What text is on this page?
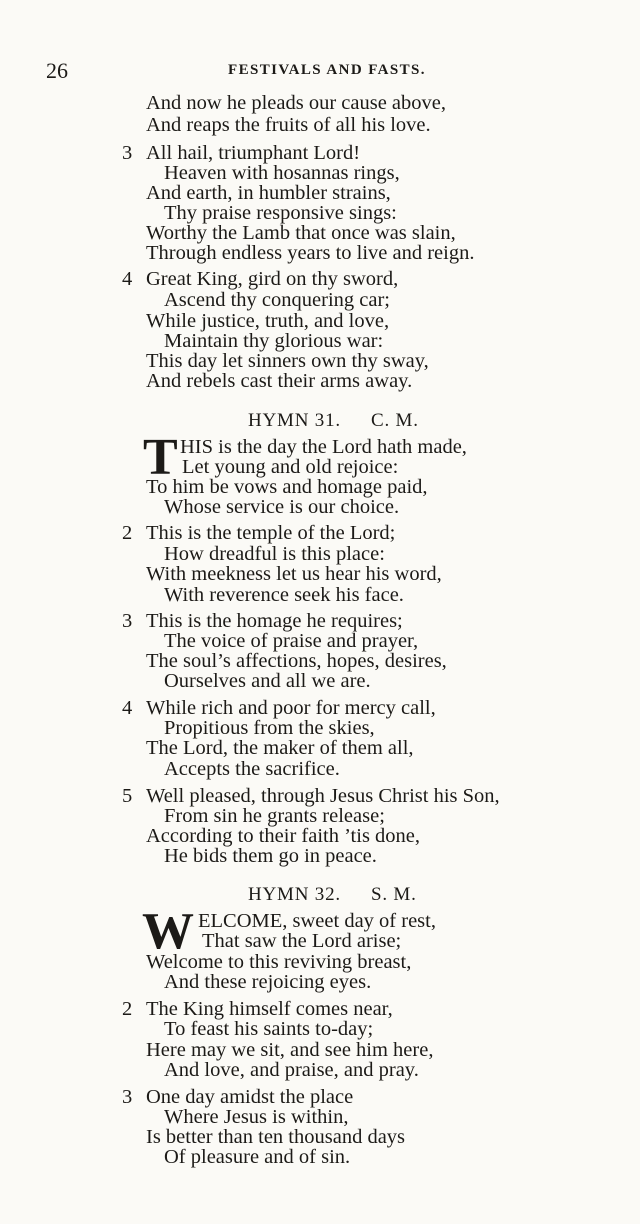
26	FESTIVALS AND FASTS.
And now he pleads our cause above,
And reaps the fruits of all his love.
3 All hail, triumphant Lord!
Heaven with hosannas rings,
And earth, in humbler strains,
Thy praise responsive sings:
Worthy the Lamb that once was slain,
Through endless years to live and reign.
4 Great King, gird on thy sword,
Ascend thy conquering car;
While justice, truth, and love,
Maintain thy glorious war:
This day let sinners own thy sway,
And rebels cast their arms away.
HYMN 31. C. M.
T HIS is the day the Lord hath made,
Let young and old rejoice:
To him be vows and homage paid,
Whose service is our choice.
2 This is the temple of the Lord;
How dreadful is this place:
With meekness let us hear his word,
With reverence seek his face.
3 This is the homage he requires;
The voice of praise and prayer,
The soul’s affections, hopes, desires,
Ourselves and all we are.
4 While rich and poor for mercy call,
Propitious from the skies,
The Lord, the maker of them all,
Accepts the sacrifice.
5 Well pleased, through Jesus Christ his Son,
From sin he grants release;
According to their faith ’tis done,
He bids them go in peace.
HYMN 32. S. M.
W ELCOME, sweet day of rest,
That saw the Lord arise;
Welcome to this reviving breast,
And these rejoicing eyes.
2 The King himself comes near,
To feast his saints to-day;
Here may we sit, and see him here,
And love, and praise, and pray.
3 One day amidst the place
Where Jesus is within,
Is better than ten thousand days
Of pleasure and of sin.
